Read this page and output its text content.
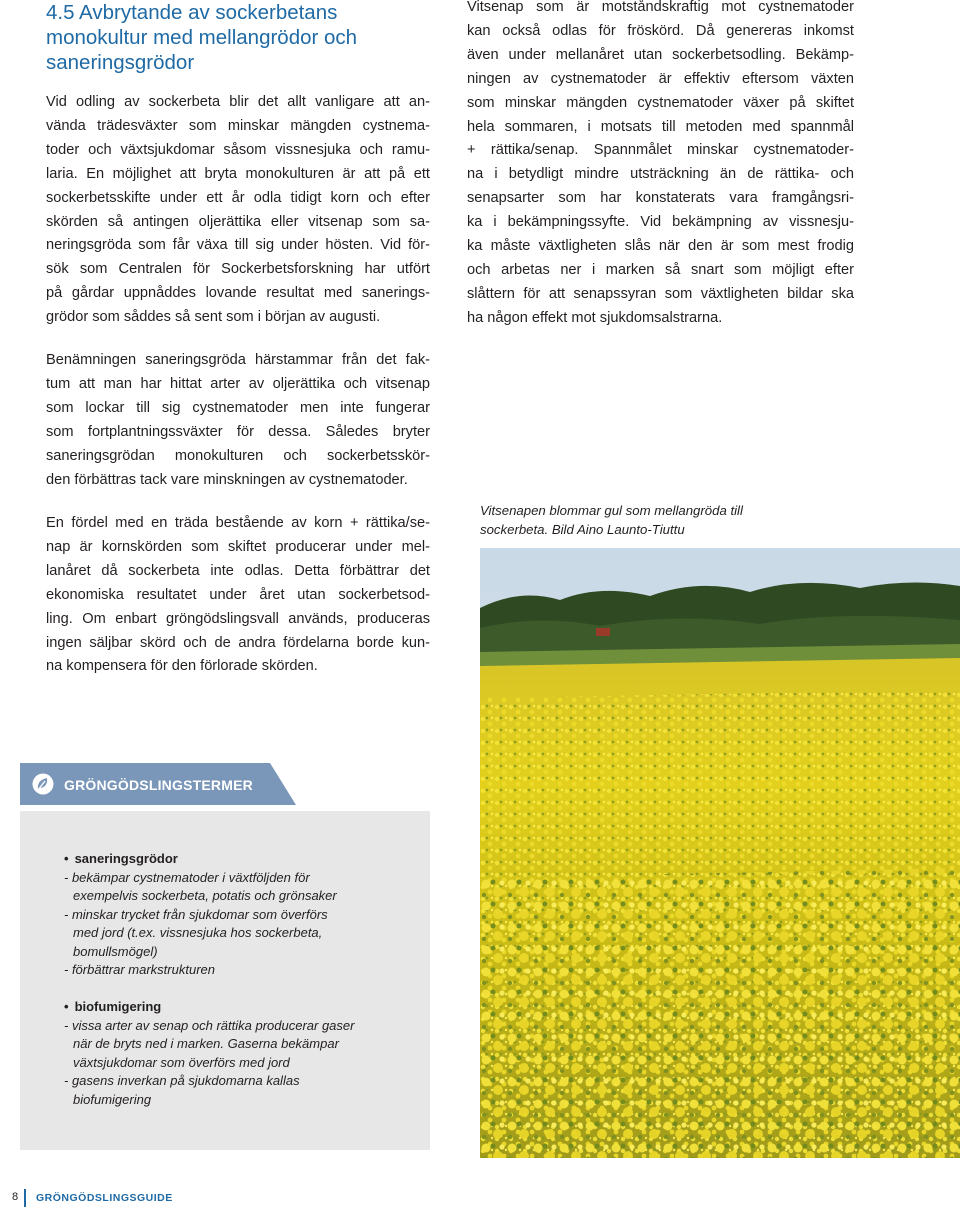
4.5 Avbrytande av sockerbetans
monokultur med mellangrödor och
saneringsgrödor
Vid odling av sockerbeta blir det allt vanligare att an-
vända trädesväxter som minskar mängden cystnema-
toder och växtsjukdomar såsom vissnesjuka och ramu-
laria. En möjlighet att bryta monokulturen är att på ett
sockerbetsskifte under ett år odla tidigt korn och efter
skörden så antingen oljerättika eller vitsenap som sa-
neringsgröda som får växa till sig under hösten. Vid för-
sök som Centralen för Sockerbetsforskning har utfört
på gårdar uppnåddes lovande resultat med sanerings-
grödor som såddes så sent som i början av augusti.
Benämningen saneringsgröda härstammar från det fak-
tum att man har hittat arter av oljerättika och vitsenap
som lockar till sig cystnematoder men inte fungerar
som fortplantningssväxter för dessa. Således bryter
saneringsgrödan monokulturen och sockerbetsskör-
den förbättras tack vare minskningen av cystnematoder.
En fördel med en träda bestående av korn + rättika/se-
nap är kornskörden som skiftet producerar under mel-
lanåret då sockerbeta inte odlas. Detta förbättrar det
ekonomiska resultatet under året utan sockerbetsod-
ling. Om enbart gröngödslingsvall används, produceras
ingen säljbar skörd och de andra fördelarna borde kun-
na kompensera för den förlorade skörden.
Vitsenap som är motståndskraftig mot cystnematoder
kan också odlas för fröskörd. Då genereras inkomst
även under mellanåret utan sockerbetsodling. Bekämp-
ningen av cystnematoder är effektiv eftersom växten
som minskar mängden cystnematoder växer på skiftet
hela sommaren, i motsats till metoden med spannmål
+ rättika/senap. Spannmålet minskar cystnematoder-
na i betydligt mindre utsträckning än de rättika- och
senapsarter som har konstaterats vara framgångsri-
ka i bekämpningssyfte. Vid bekämpning av vissnesju-
ka måste växtligheten slås när den är som mest frodig
och arbetas ner i marken så snart som möjligt efter
slåttern för att senapssyran som växtligheten bildar ska
ha någon effekt mot sjukdomsalstrarna.
Vitsenapen blommar gul som mellangröda till
sockerbeta. Bild Aino Launto-Tiuttu
GRÖNGÖDSLINGSTERMER
• saneringsgrödor
- bekämpar cystnematoder i växtföljden för
exempelvis sockerbeta, potatis och grönsaker
- minskar trycket från sjukdomar som överförs
med jord (t.ex. vissnesjuka hos sockerbeta,
bomullsmögel)
- förbättrar markstrukturen
• biofumigering
- vissa arter av senap och rättika producerar gaser
när de bryts ned i marken. Gaserna bekämpar
växtsjukdomar som överförs med jord
- gasens inverkan på sjukdomarna kallas
biofumigering
8 GRÖNGÖDSLINGSGUIDE
